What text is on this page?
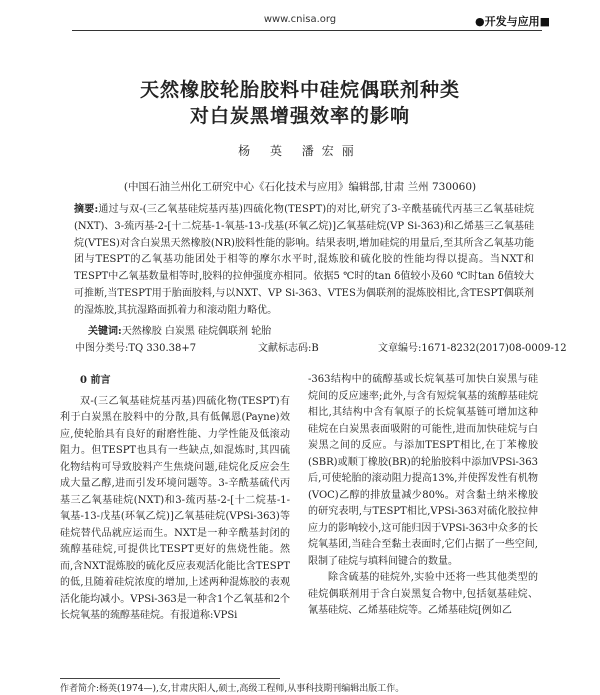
www.cnisa.org	●开发与应用■
天然橡胶轮胎胶料中硅烷偶联剂种类
对白炭黑增强效率的影响
杨 英 潘宏丽
(中国石油兰州化工研究中心《石化技术与应用》编辑部,甘肃 兰州 730060)
摘要:通过与双-(三乙氧基硅烷基丙基)四硫化物(TESPT)的对比,研究了3-辛酰基硫代丙基三乙氧基硅烷(NXT)、3-巯丙基-2-[十二烷基-1-氧基-13-戊基(环氧乙烷)]乙氧基硅烷(VP Si-363)和乙烯基三乙氧基硅烷(VTES)对含白炭黑天然橡胶(NR)胶料性能的影响。结果表明,增加硅烷的用量后,至其所含乙氧基功能团与TESPT的乙氧基功能团处于相等的摩尔水平时,混炼胶和硫化胶的性能均得以提高。当NXT和TESPT中乙氧基数量相等时,胶料的拉伸强度亦相同。依据5 ℃时的tan δ值较小及60 ℃时tan δ值较大可推断,当TESPT用于胎面胶料,与以NXT、VP Si-363、VTES为偶联剂的混炼胶相比,含TESPT偶联剂的湿炼胶,其抗湿路面抓着力和滚动阻力略优。
关键词:天然橡胶 白炭黑 硅烷偶联剂 轮胎
中图分类号:TQ 330.38+7	文献标志码:B	文章编号:1671-8232(2017)08-0009-12

0 前言

双-(三乙氧基硅烷基丙基)四硫化物(TESPT)有利于白炭黑在胶料中的分散,具有低佩恩(Payne)效应,使轮胎具有良好的耐磨性能、力学性能及低滚动阻力。但TESPT也具有一些缺点,如混炼时,其四硫化物结构可导致胶料产生焦烧问题,硅烷化反应会生成大量乙醇,进而引发环境问题等。3-辛酰基硫代丙基三乙氧基硅烷(NXT)和3-巯丙基-2-[十二烷基-1-氧基-13-戊基(环氧乙烷)]乙氧基硅烷(VPSi-363)等硅烷替代品就应运而生。NXT是一种辛酰基封闭的巯醇基硅烷,可提供比TESPT更好的焦烧性能。然而,含NXT混炼胶的硫化反应表观活化能比含TESPT的低,且随着硅烷浓度的增加,上述两种混炼胶的表观活化能均减小。VPSi-363是一种含1个乙氧基和2个长烷氧基的巯醇基硅烷。有报道称:VPSi

-363结构中的硫醇基或长烷氧基可加快白炭黑与硅烷间的反应速率;此外,与含有短烷氧基的巯醇基硅烷相比,其结构中含有氧原子的长烷氧基链可增加这种硅烷在白炭黑表面吸附的可能性,进而加快硅烷与白炭黑之间的反应。与添加TESPT相比,在丁苯橡胶(SBR)或顺丁橡胶(BR)的轮胎胶料中添加VPSi-363后,可使轮胎的滚动阻力提高13%,并使挥发性有机物(VOC)乙醇的排放量减少80%。对含黏土纳米橡胶的研究表明,与TESPT相比,VPSi-363对硫化胶拉伸应力的影响较小,这可能归因于VPSi-363中众多的长烷氧基团,当硅合至黏土表面时,它们占据了一些空间,限制了硅烷与填料间键合的数量。

除含硫基的硅烷外,实验中还将一些其他类型的硅烷偶联剂用于含白炭黑复合物中,包括氨基硅烷、氰基硅烷、乙烯基硅烷等。乙烯基硅烷[例如乙

作者简介:杨英(1974—),女,甘肃庆阳人,硕士,高级工程师,从事科技期刊编辑出版工作。
